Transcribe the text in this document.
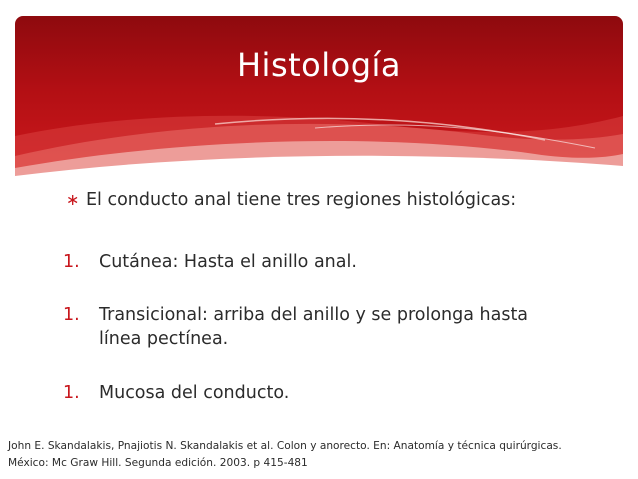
Histología
∗ El conducto anal tiene tres regiones histológicas:
1. Cutánea: Hasta el anillo anal.
1. Transicional: arriba del anillo y se prolonga hasta línea pectínea.
1. Mucosa del conducto.
John E. Skandalakis, Pnajiotis N. Skandalakis et al. Colon y anorecto. En: Anatomía y técnica quirúrgicas.
México: Mc Graw Hill. Segunda edición. 2003. p 415-481
